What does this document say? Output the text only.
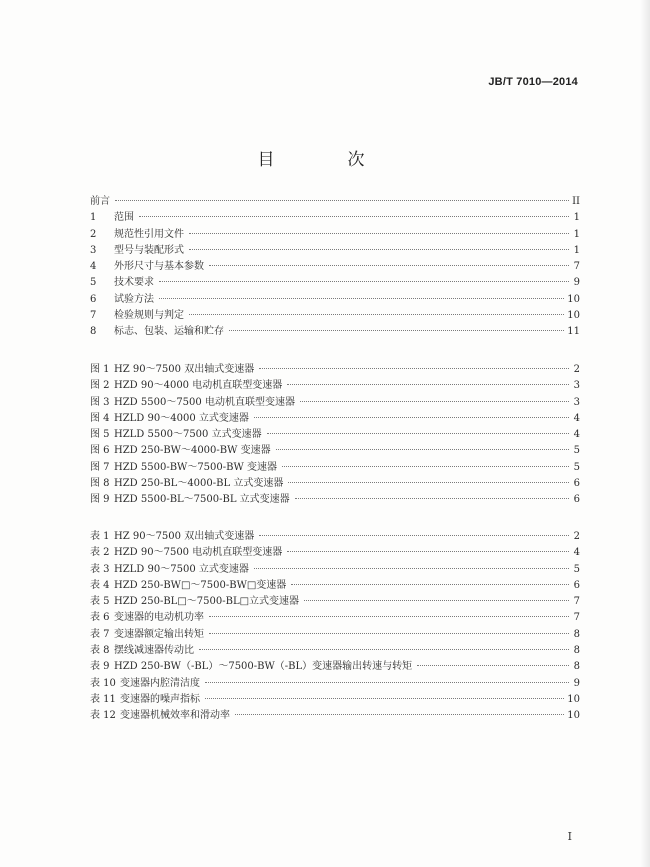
JB/T 7010—2014
目　次
前言	II
1 范围	1
2 规范性引用文件	1
3 型号与装配形式	1
4 外形尺寸与基本参数	7
5 技术要求	9
6 试验方法	10
7 检验规则与判定	10
8 标志、包装、运输和贮存	11
图 1 HZ 90～7500 双出轴式变速器	2
图 2 HZD 90～4000 电动机直联型变速器	3
图 3 HZD 5500～7500 电动机直联型变速器	3
图 4 HZLD 90～4000 立式变速器	4
图 5 HZLD 5500～7500 立式变速器	4
图 6 HZD 250-BW～4000-BW 变速器	5
图 7 HZD 5500-BW～7500-BW 变速器	5
图 8 HZD 250-BL～4000-BL 立式变速器	6
图 9 HZD 5500-BL～7500-BL 立式变速器	6
表 1 HZ 90～7500 双出轴式变速器	2
表 2 HZD 90～7500 电动机直联型变速器	4
表 3 HZLD 90～7500 立式变速器	5
表 4 HZD 250-BW□～7500-BW□变速器	6
表 5 HZD 250-BL□～7500-BL□立式变速器	7
表 6 变速器的电动机功率	7
表 7 变速器额定输出转矩	8
表 8 摆线减速器传动比	8
表 9 HZD 250-BW（-BL）～7500-BW（-BL）变速器输出转速与转矩	8
表 10 变速器内腔清洁度	9
表 11 变速器的噪声指标	10
表 12 变速器机械效率和滑动率	10
I
